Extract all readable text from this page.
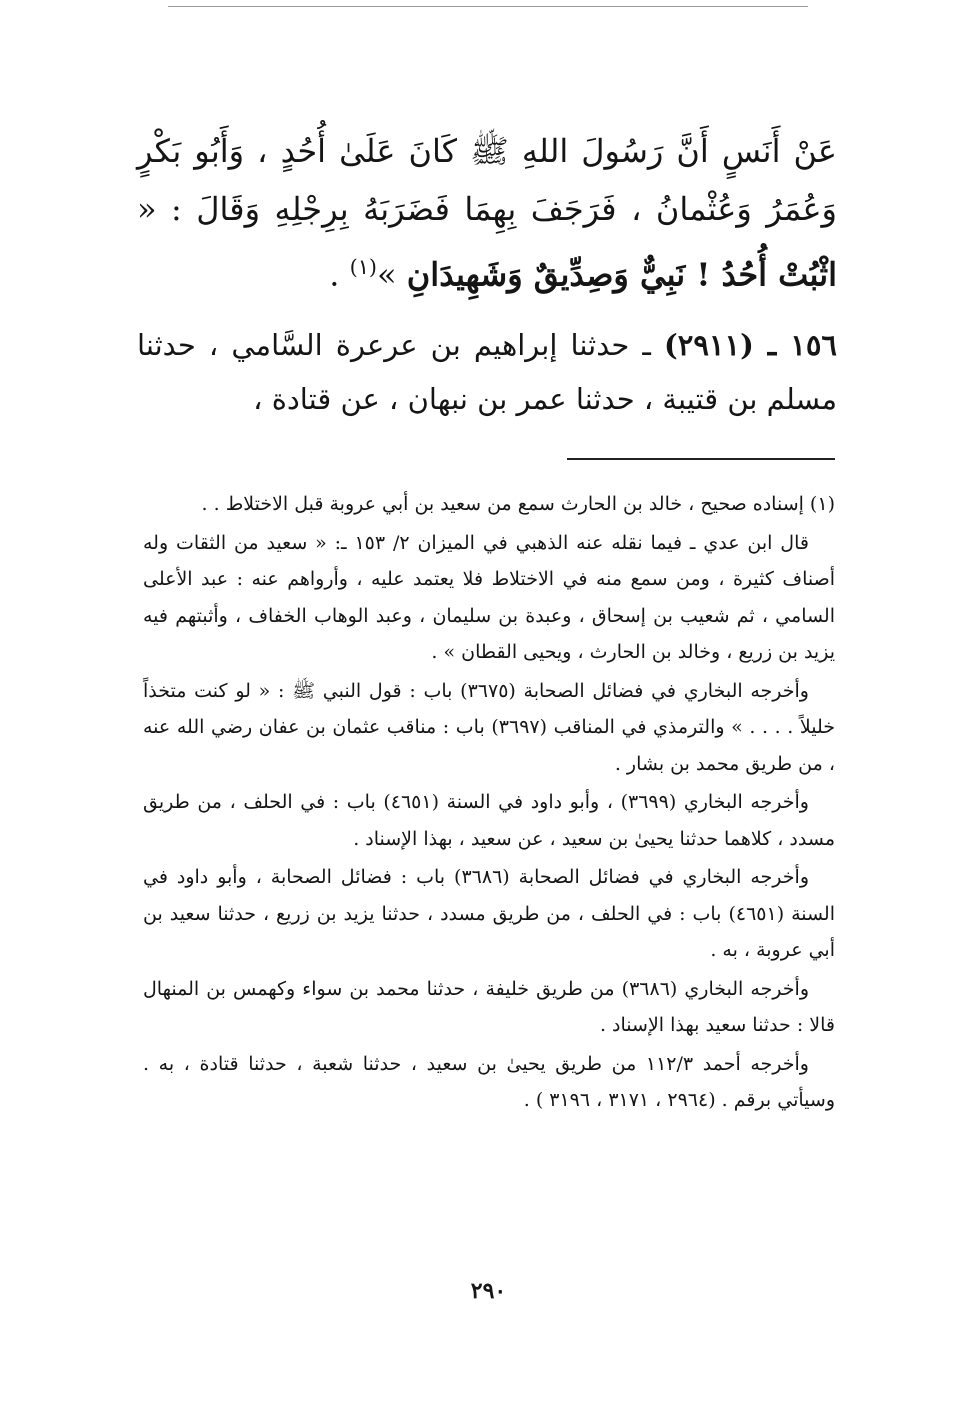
عَنْ أَنَسٍ أَنَّ رَسُولَ اللهِ ﷺ كَانَ عَلَىٰ أُحُدٍ ، وَأَبُو بَكْرٍ وَعُمَرُ وَعُثْمانُ ، فَرَجَفَ بِهِمَا فَضَرَبَهُ بِرِجْلِهِ وَقَالَ : « اثْبُتْ أُحُدُ ! نَبِيٌّ وَصِدِّيقٌ وَشَهِيدَانِ »$^{(١)}$ .

١٥٦ ـ (٢٩١١) ـ حدثنا إبراهيم بن عرعرة السَّامي ، حدثنا مسلم بن قتيبة ، حدثنا عمر بن نبهان ، عن قتادة ،

(١) إسناده صحيح ، خالد بن الحارث سمع من سعيد بن أبي عروبة قبل الاختلاط . .

قال ابن عدي ـ فيما نقله عنه الذهبي في الميزان ٢/ ١٥٣ ـ: « سعيد من الثقات وله أصناف كثيرة ، ومن سمع منه في الاختلاط فلا يعتمد عليه ، وأرواهم عنه : عبد الأعلى السامي ، ثم شعيب بن إسحاق ، وعبدة بن سليمان ، وعبد الوهاب الخفاف ، وأثبتهم فيه يزيد بن زريع ، وخالد بن الحارث ، ويحيى القطان » .

وأخرجه البخاري في فضائل الصحابة (٣٦٧٥) باب : قول النبي ﷺ : « لو كنت متخذاً خليلاً . . . . » والترمذي في المناقب (٣٦٩٧) باب : مناقب عثمان بن عفان رضي الله عنه ، من طريق محمد بن بشار .

وأخرجه البخاري (٣٦٩٩) ، وأبو داود في السنة (٤٦٥١) باب : في الحلف ، من طريق مسدد ، كلاهما حدثنا يحيىٰ بن سعيد ، عن سعيد ، بهذا الإسناد .

وأخرجه البخاري في فضائل الصحابة (٣٦٨٦) باب : فضائل الصحابة ، وأبو داود في السنة (٤٦٥١) باب : في الحلف ، من طريق مسدد ، حدثنا يزيد بن زريع ، حدثنا سعيد بن أبي عروبة ، به .

وأخرجه البخاري (٣٦٨٦) من طريق خليفة ، حدثنا محمد بن سواء وكهمس بن المنهال قالا : حدثنا سعيد بهذا الإسناد .

وأخرجه أحمد ١١٢/٣ من طريق يحيىٰ بن سعيد ، حدثنا شعبة ، حدثنا قتادة ، به . وسيأتي برقم . (٢٩٦٤ ، ٣١٧١ ، ٣١٩٦ ) .

٢٩٠
